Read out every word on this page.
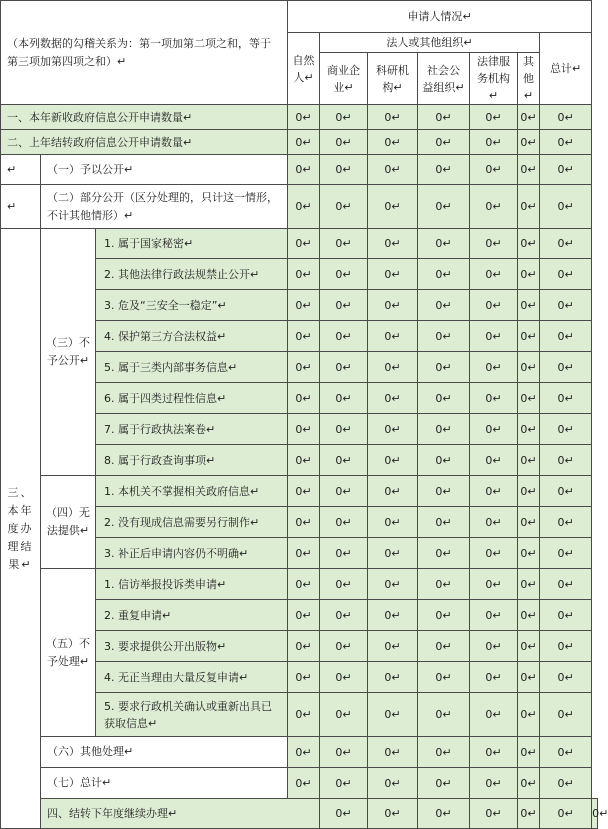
（本列数据的勾稽关系为：第一项加第二项之和，等于第三项加第四项之和）↵			申请人情况↵							
			自然人↵	法人或其他组织↵					总计↵	
				商业企业↵	科研机构↵	社会公益组织↵	法律服务机构↵	其他↵		
一、本年新收政府信息公开申请数量↵			0↵	0↵	0↵	0↵	0↵	0↵	0↵	
二、上年结转政府信息公开申请数量↵			0↵	0↵	0↵	0↵	0↵	0↵	0↵	
↵	（一）予以公开↵		0↵	0↵	0↵	0↵	0↵	0↵	0↵	
↵	（二）部分公开（区分处理的，只计这一情形，不计其他情形）↵		0↵	0↵	0↵	0↵	0↵	0↵	0↵	
三、本年度办理结果↵	（三）不予公开↵	1. 属于国家秘密↵	0↵	0↵	0↵	0↵	0↵	0↵	0↵	
		2. 其他法律行政法规禁止公开↵	0↵	0↵	0↵	0↵	0↵	0↵	0↵	
		3. 危及“三安全一稳定”↵	0↵	0↵	0↵	0↵	0↵	0↵	0↵	
		4. 保护第三方合法权益↵	0↵	0↵	0↵	0↵	0↵	0↵	0↵	
		5. 属于三类内部事务信息↵	0↵	0↵	0↵	0↵	0↵	0↵	0↵	
		6. 属于四类过程性信息↵	0↵	0↵	0↵	0↵	0↵	0↵	0↵	
		7. 属于行政执法案卷↵	0↵	0↵	0↵	0↵	0↵	0↵	0↵	
		8. 属于行政查询事项↵	0↵	0↵	0↵	0↵	0↵	0↵	0↵	
	（四）无法提供↵	1. 本机关不掌握相关政府信息↵	0↵	0↵	0↵	0↵	0↵	0↵	0↵	
		2. 没有现成信息需要另行制作↵	0↵	0↵	0↵	0↵	0↵	0↵	0↵	
		3. 补正后申请内容仍不明确↵	0↵	0↵	0↵	0↵	0↵	0↵	0↵	
	（五）不予处理↵	1. 信访举报投诉类申请↵	0↵	0↵	0↵	0↵	0↵	0↵	0↵	
		2. 重复申请↵	0↵	0↵	0↵	0↵	0↵	0↵	0↵	
		3. 要求提供公开出版物↵	0↵	0↵	0↵	0↵	0↵	0↵	0↵	
		4. 无正当理由大量反复申请↵	0↵	0↵	0↵	0↵	0↵	0↵	0↵	
		5. 要求行政机关确认或重新出具已获取信息↵	0↵	0↵	0↵	0↵	0↵	0↵	0↵	
	（六）其他处理↵		0↵	0↵	0↵	0↵	0↵	0↵	0↵	
	（七）总计↵		0↵	0↵	0↵	0↵	0↵	0↵	0↵	
	四、结转下年度继续办理↵			0↵	0↵	0↵	0↵	0↵	0↵	0↵
